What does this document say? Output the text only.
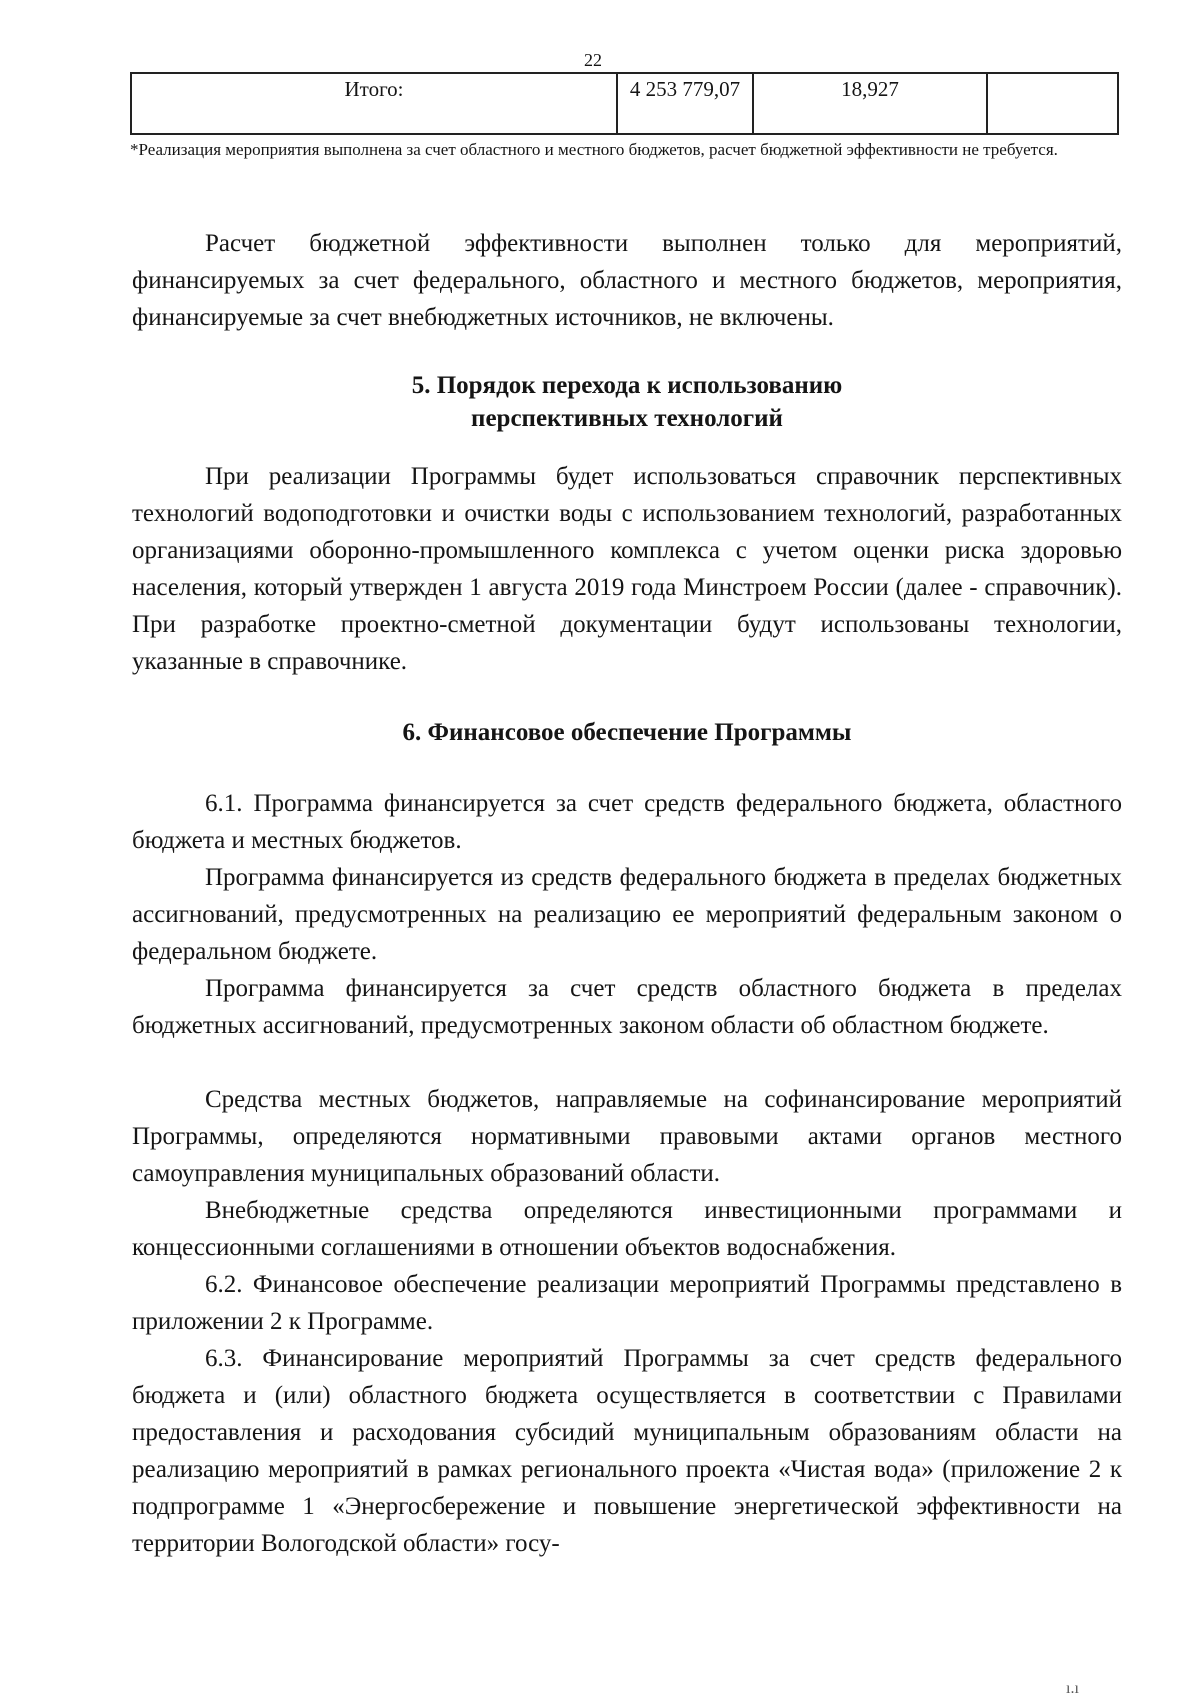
22
Итого:	4 253 779,07	18,927	
*Реализация мероприятия выполнена за счет областного и местного бюджетов, расчет бюджетной эффективности не требуется.

Расчет бюджетной эффективности выполнен только для мероприятий, финансируемых за счет федерального, областного и местного бюджетов, мероприятия, финансируемые за счет внебюджетных источников, не включены.

5. Порядок перехода к использованию
перспективных технологий

При реализации Программы будет использоваться справочник перспективных технологий водоподготовки и очистки воды с использованием технологий, разработанных организациями оборонно-промышленного комплекса с учетом оценки риска здоровью населения, который утвержден 1 августа 2019 года Минстроем России (далее - справочник). При разработке проектно-сметной документации будут использованы технологии, указанные в справочнике.

6. Финансовое обеспечение Программы

6.1. Программа финансируется за счет средств федерального бюджета, областного бюджета и местных бюджетов.

Программа финансируется из средств федерального бюджета в пределах бюджетных ассигнований, предусмотренных на реализацию ее мероприятий федеральным законом о федеральном бюджете.

Программа финансируется за счет средств областного бюджета в пределах бюджетных ассигнований, предусмотренных законом области об областном бюджете.

Средства местных бюджетов, направляемые на софинансирование мероприятий Программы, определяются нормативными правовыми актами органов местного самоуправления муниципальных образований области.

Внебюджетные средства определяются инвестиционными программами и концессионными соглашениями в отношении объектов водоснабжения.

6.2. Финансовое обеспечение реализации мероприятий Программы представлено в приложении 2 к Программе.

6.3. Финансирование мероприятий Программы за счет средств федерального бюджета и (или) областного бюджета осуществляется в соответствии с Правилами предоставления и расходования субсидий муниципальным образованиям области на реализацию мероприятий в рамках регионального проекта «Чистая вода» (приложение 2 к подпрограмме 1 «Энергосбережение и повышение энергетической эффективности на территории Вологодской области» госу-

ı.ı
